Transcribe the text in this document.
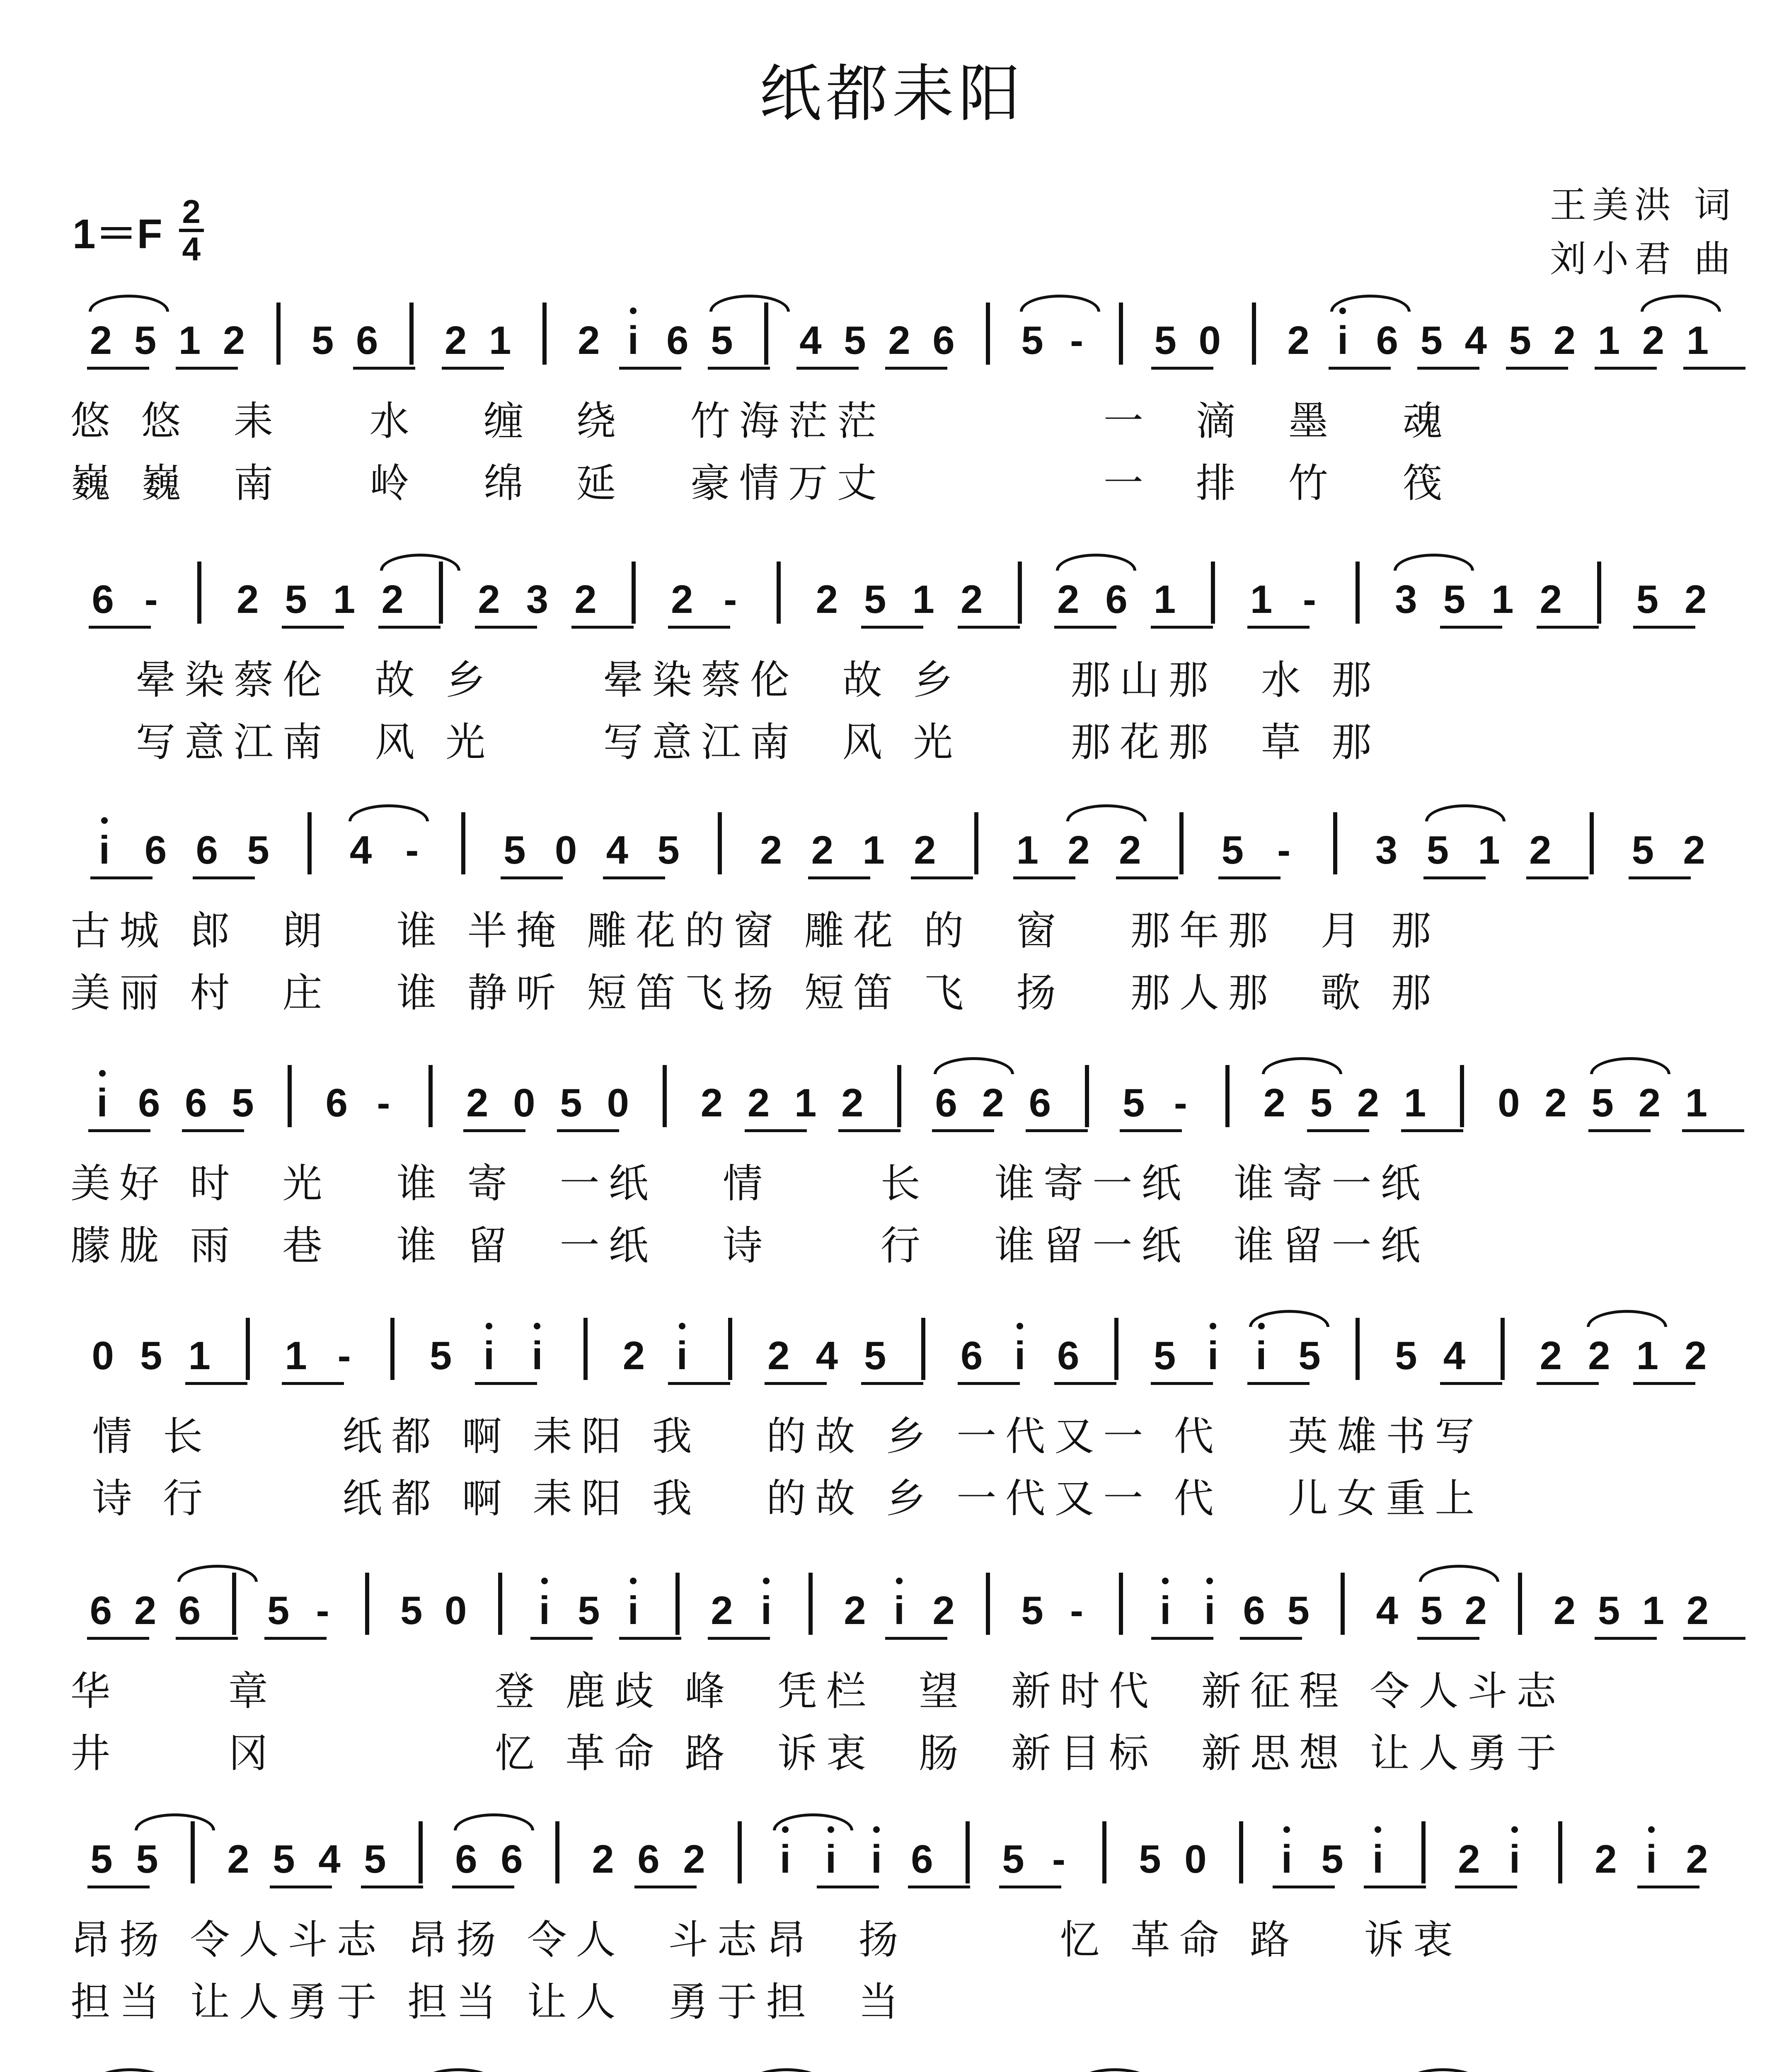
纸都耒阳
1＝F 2
4
王美洪 词
刘小君 曲
2 5 1 2 5 6 2 1 2 i 6 5 4 5 2 6 5 - 5 0 2 i 6 5 4 5 2 1 2 1
悠 悠  耒    水   缠  绕   竹海茫茫          一  滴  墨   魂
巍 巍  南    岭   绵  延   豪情万丈          一  排  竹   筏
6 - 2 5 1 2 2 3 2 2 - 2 5 1 2 2 6 1 1 - 3 5 1 2 5 2
晕染蔡伦  故 乡     晕染蔡伦  故 乡     那山那  水 那
写意江南  风 光     写意江南  风 光     那花那  草 那
i 6 6 5 4 - 5 0 4 5 2 2 1 2 1 2 2 5 - 3 5 1 2 5 2
古城 郎  朗   谁 半掩 雕花的窗 雕花 的  窗   那年那  月 那
美丽 村  庄   谁 静听 短笛飞扬 短笛 飞  扬   那人那  歌 那
i 6 6 5 6 - 2 0 5 0 2 2 1 2 6 2 6 5 - 2 5 2 1 0 2 5 2 1
美好 时  光   谁 寄  一纸   情     长   谁寄一纸  谁寄一纸
朦胧 雨  巷   谁 留  一纸   诗     行   谁留一纸  谁留一纸
0 5 1 1 - 5 i i 2 i 2 4 5 6 i 6 5 i i 5 5 4 2 2 1 2
情 长      纸都 啊 耒阳 我   的故 乡 一代又一 代   英雄书写
诗 行      纸都 啊 耒阳 我   的故 乡 一代又一 代   儿女重上
6 2 6 5 - 5 0 i 5 i 2 i 2 i 2 5 - i i 6 5 4 5 2 2 5 1 2
华     章          登 鹿歧 峰  凭栏  望  新时代  新征程 令人斗志
井     冈          忆 革命 路  诉衷  肠  新目标  新思想 让人勇于
5 5 2 5 4 5 6 6 2 6 2 i i i 6 5 - 5 0 i 5 i 2 i 2 i 2
昂扬 令人斗志 昂扬 令人  斗志昂  扬       忆 革命 路   诉衷
担当 让人勇于 担当 让人  勇于担  当
